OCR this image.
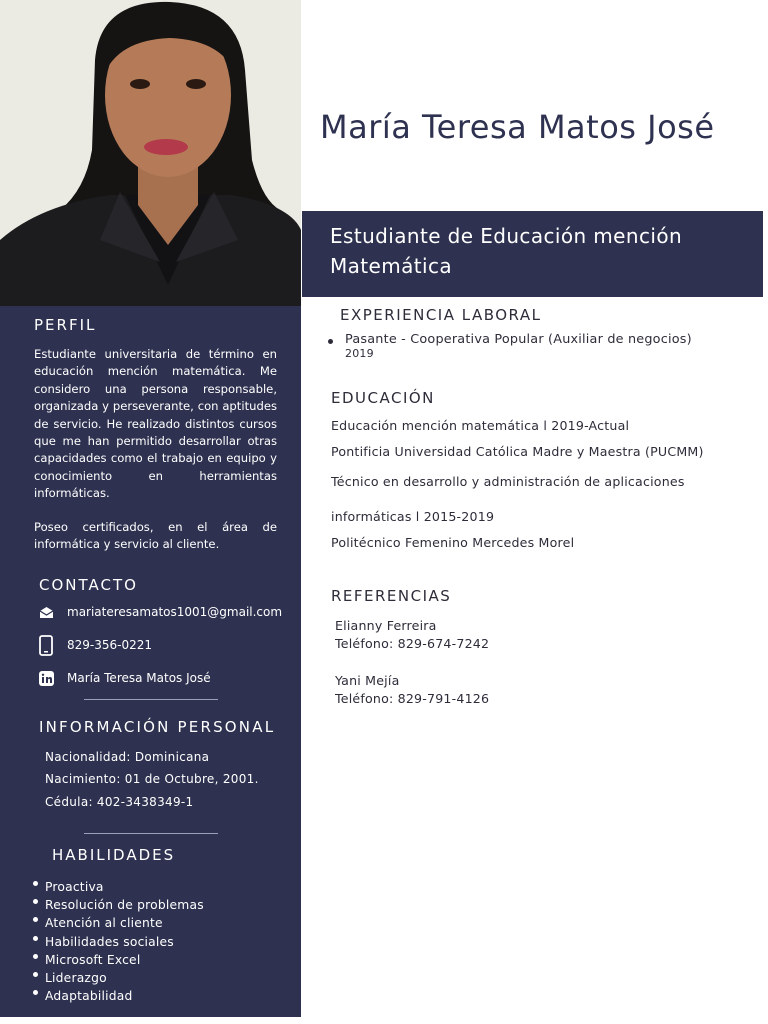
PERFIL
Estudiante universitaria de término en educación mención matemática. Me considero una persona responsable, organizada y perseverante, con aptitudes de servicio. He realizado distintos cursos que me han permitido desarrollar otras capacidades como el trabajo en equipo y conocimiento en herramientas informáticas.
Poseo certificados, en el área de informática y servicio al cliente.
CONTACTO
mariateresamatos1001@gmail.com
829-356-0221
María Teresa Matos José
INFORMACIÓN PERSONAL
Nacionalidad: Dominicana
Nacimiento: 01 de Octubre, 2001.
Cédula: 402-3438349-1
HABILIDADES
Proactiva
Resolución de problemas
Atención al cliente
Habilidades sociales
Microsoft Excel
Liderazgo
Adaptabilidad
María Teresa Matos José
Estudiante de Educación mención
Matemática
EXPERIENCIA LABORAL
Pasante - Cooperativa Popular (Auxiliar de negocios)
2019
EDUCACIÓN
Educación mención matemática l 2019-Actual
Pontificia Universidad Católica Madre y Maestra (PUCMM)
Técnico en desarrollo y administración de aplicaciones
informáticas l 2015-2019
Politécnico Femenino Mercedes Morel
REFERENCIAS
Elianny Ferreira
Teléfono: 829-674-7242
Yani Mejía
Teléfono: 829-791-4126
